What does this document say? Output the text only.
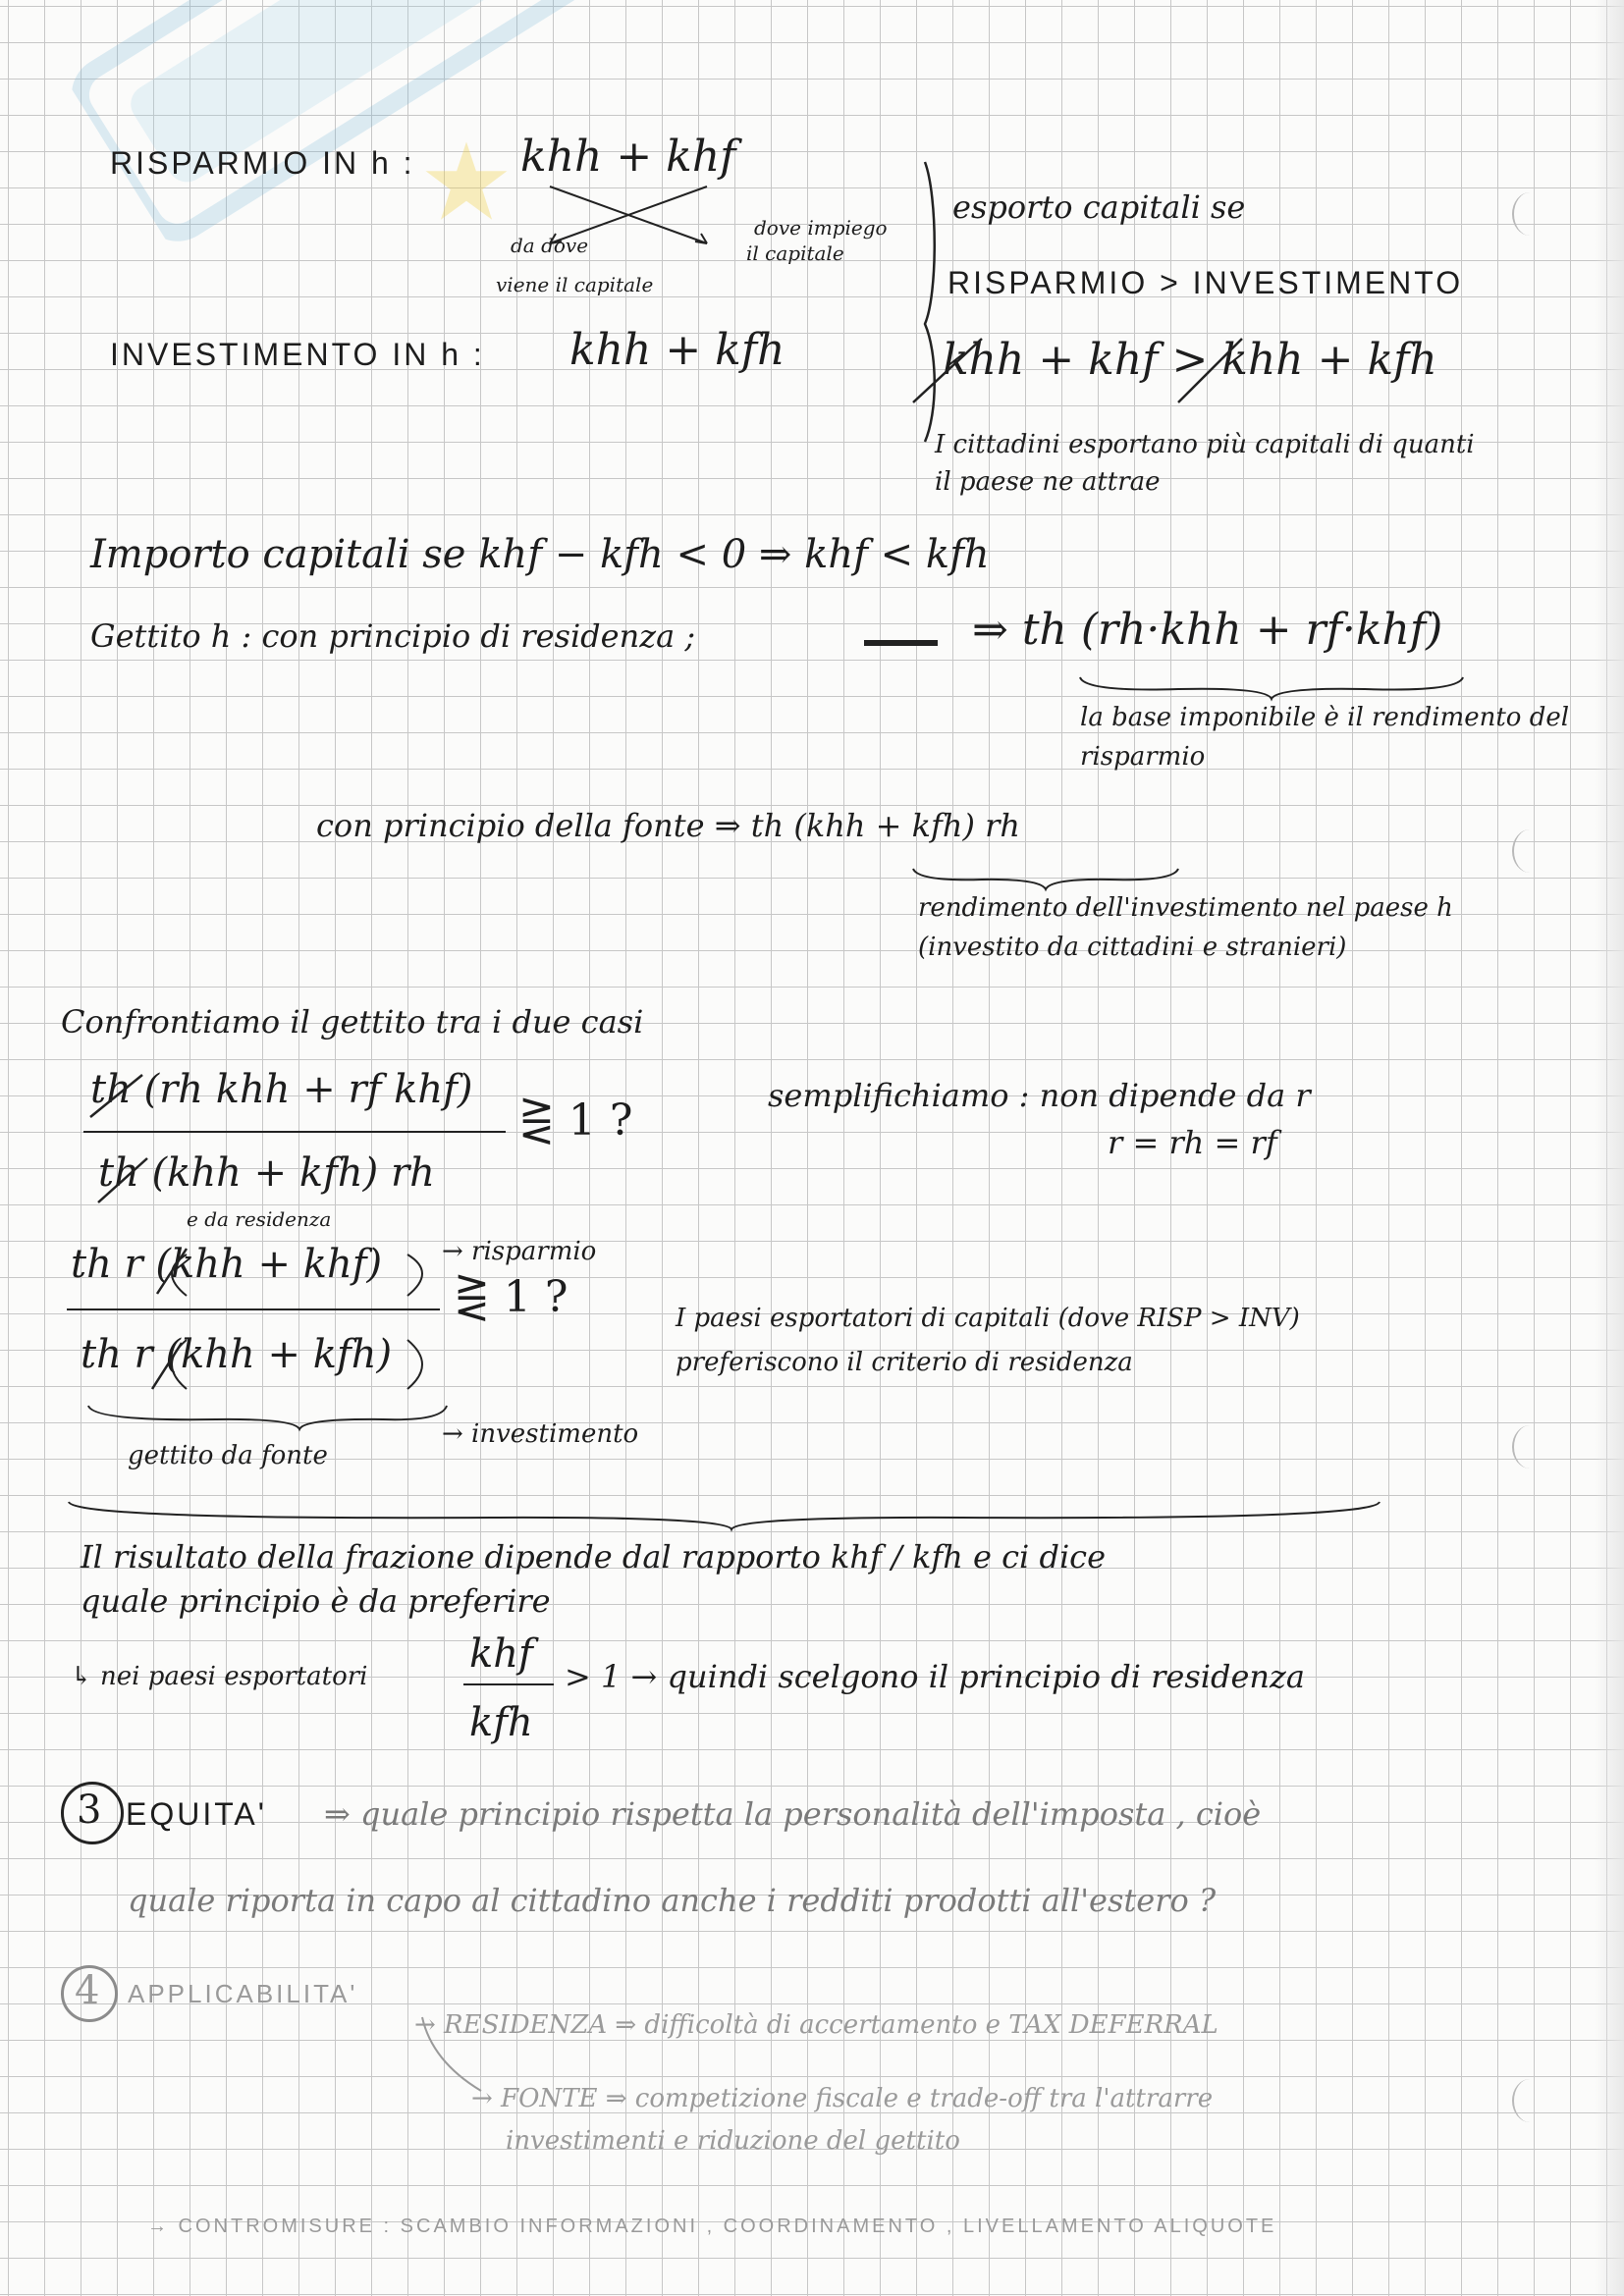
RISPARMIO IN h : khh + khf
da dove
viene il capitale
dove impiego
il capitale
INVESTIMENTO IN h : khh + kfh
esporto capitali se
RISPARMIO > INVESTIMENTO
khh + khf > khh + kfh
I cittadini esportano più capitali di quanti
il paese ne attrae
Importo capitali se khf − kfh < 0 ⇒ khf < kfh
Gettito h : con principio di residenza ;	⇒ th (rh·khh + rf·khf)
la base imponibile è il rendimento del
risparmio
con principio della fonte ⇒ th (khh + kfh) rh
rendimento dell'investimento nel paese h
(investito da cittadini e stranieri)
Confrontiamo il gettito tra i due casi
th (rh khh + rf khf)
th (khh + kfh) rh
e da residenza
⋛ 1 ?	semplifichiamo : non dipende da r
r = rh = rf
th r (khh + khf)
th r (khh + kfh)
⋛ 1 ?
→ risparmio
→ investimento
gettito da fonte
I paesi esportatori di capitali (dove RISP > INV)
preferiscono il criterio di residenza
Il risultato della frazione dipende dal rapporto khf / kfh e ci dice
quale principio è da preferire
↳ nei paesi esportatori	khf
kfh
> 1 → quindi scelgono il principio di residenza
3 EQUITA' ⇒ quale principio rispetta la personalità dell'imposta , cioè
quale riporta in capo al cittadino anche i redditi prodotti all'estero ?
4 APPLICABILITA'
→ RESIDENZA ⇒ difficoltà di accertamento e TAX DEFERRAL
→ FONTE ⇒ competizione fiscale e trade-off tra l'attrarre
investimenti e riduzione del gettito
→ CONTROMISURE : SCAMBIO INFORMAZIONI , COORDINAMENTO , LIVELLAMENTO ALIQUOTE
